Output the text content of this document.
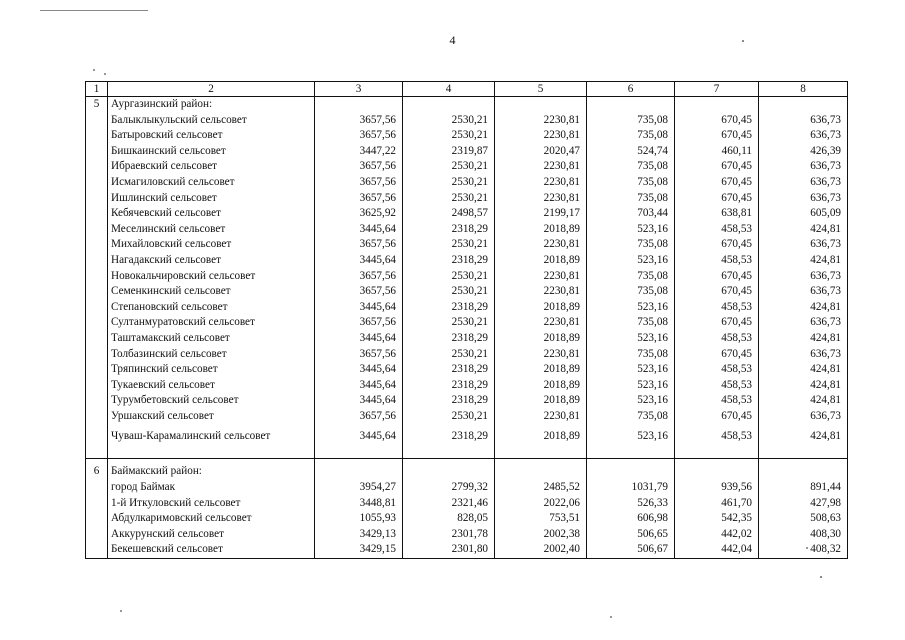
4
1	2	3	4	5	6	7	8
5	Аургазинский район:						
	Балыклыкульский сельсовет	3657,56	2530,21	2230,81	735,08	670,45	636,73
	Батыровский сельсовет	3657,56	2530,21	2230,81	735,08	670,45	636,73
	Бишкаинский сельсовет	3447,22	2319,87	2020,47	524,74	460,11	426,39
	Ибраевский сельсовет	3657,56	2530,21	2230,81	735,08	670,45	636,73
	Исмагиловский сельсовет	3657,56	2530,21	2230,81	735,08	670,45	636,73
	Ишлинский сельсовет	3657,56	2530,21	2230,81	735,08	670,45	636,73
	Кебячевский сельсовет	3625,92	2498,57	2199,17	703,44	638,81	605,09
	Меселинский сельсовет	3445,64	2318,29	2018,89	523,16	458,53	424,81
	Михайловский сельсовет	3657,56	2530,21	2230,81	735,08	670,45	636,73
	Нагадакский сельсовет	3445,64	2318,29	2018,89	523,16	458,53	424,81
	Новокальчировский сельсовет	3657,56	2530,21	2230,81	735,08	670,45	636,73
	Семенкинский сельсовет	3657,56	2530,21	2230,81	735,08	670,45	636,73
	Степановский сельсовет	3445,64	2318,29	2018,89	523,16	458,53	424,81
	Султанмуратовский сельсовет	3657,56	2530,21	2230,81	735,08	670,45	636,73
	Таштамакский сельсовет	3445,64	2318,29	2018,89	523,16	458,53	424,81
	Толбазинский сельсовет	3657,56	2530,21	2230,81	735,08	670,45	636,73
	Тряпинский сельсовет	3445,64	2318,29	2018,89	523,16	458,53	424,81
	Тукаевский сельсовет	3445,64	2318,29	2018,89	523,16	458,53	424,81
	Турумбетовский сельсовет	3445,64	2318,29	2018,89	523,16	458,53	424,81
	Уршакский сельсовет	3657,56	2530,21	2230,81	735,08	670,45	636,73
	Чуваш-Карамалинский сельсовет	3445,64	2318,29	2018,89	523,16	458,53	424,81

6	Баймакский район:						
	город Баймак	3954,27	2799,32	2485,52	1031,79	939,56	891,44
	1-й Иткуловский сельсовет	3448,81	2321,46	2022,06	526,33	461,70	427,98
	Абдулкаримовский сельсовет	1055,93	828,05	753,51	606,98	542,35	508,63
	Аккурунский сельсовет	3429,13	2301,78	2002,38	506,65	442,02	408,30
	Бекешевский сельсовет	3429,15	2301,80	2002,40	506,67	442,04	408,32
